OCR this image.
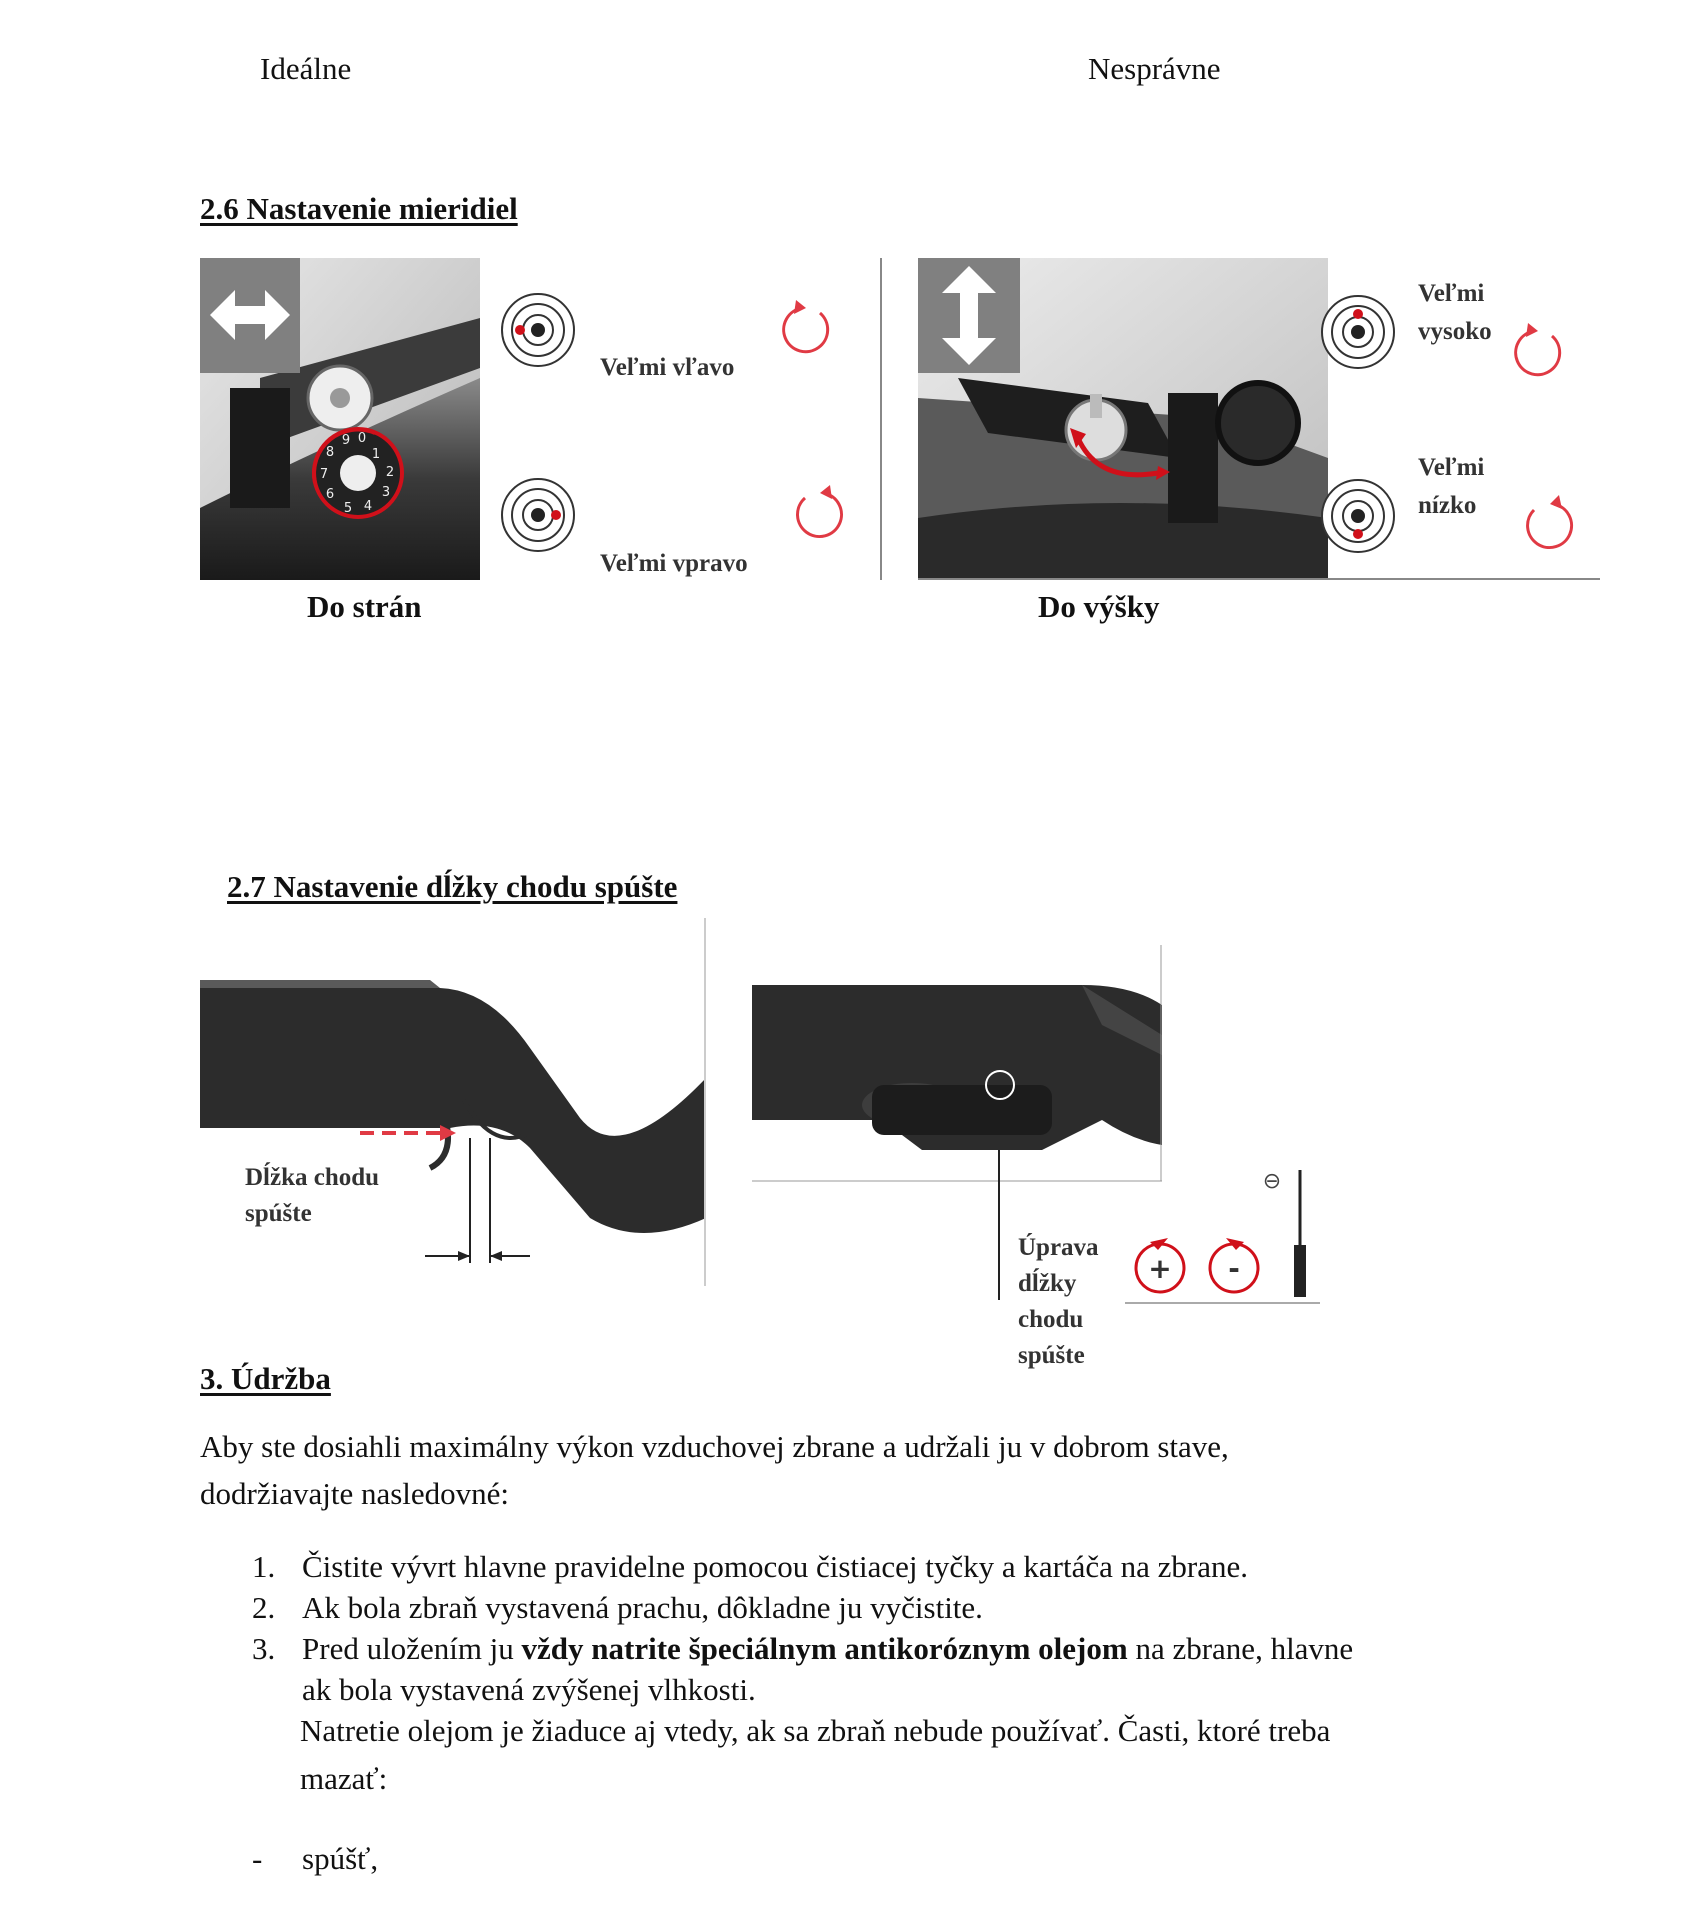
Ideálne	Nesprávne
2.6 Nastavenie mieridiel
1
2
3
4
5
6
7
8
9 0
Veľmi vľavo
Veľmi vpravo
Do strán
Veľmi
vysoko
Veľmi
nízko
Do výšky
2.7 Nastavenie dĺžky chodu spúšte
Dĺžka chodu
spúšte
+ -
⊖
Úprava
dĺžky
chodu
spúšte
3. Údržba
Aby ste dosiahli maximálny výkon vzduchovej zbrane a udržali ju v dobrom stave,
dodržiavajte nasledovné:
1. Čistite vývrt hlavne pravidelne pomocou čistiacej tyčky a kartáča na zbrane.
2. Ak bola zbraň vystavená prachu, dôkladne ju vyčistite.
3. Pred uložením ju vždy natrite špeciálnym antikoróznym olejom na zbrane, hlavne
ak bola vystavená zvýšenej vlhkosti.
Natretie olejom je žiaduce aj vtedy, ak sa zbraň nebude používať. Časti, ktoré treba
mazať:
- spúšť,
